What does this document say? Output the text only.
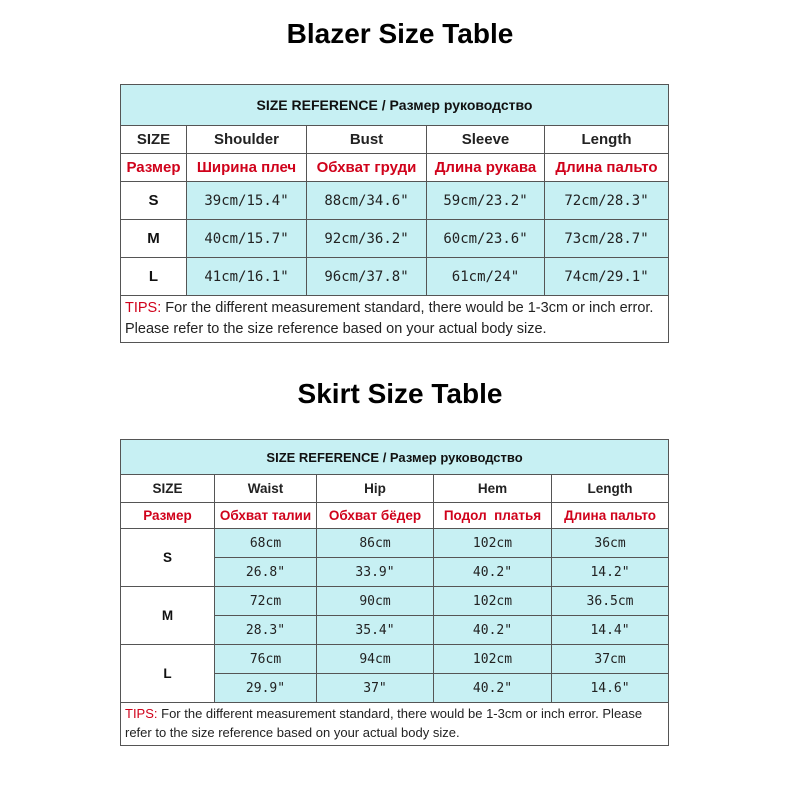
Blazer Size Table
SIZE REFERENCE / Размер руководство				
SIZE	Shoulder	Bust	Sleeve	Length
Размер	Ширина плеч	Обхват груди	Длина рукава	Длина пальто
S	39cm/15.4"	88cm/34.6"	59cm/23.2"	72cm/28.3"
M	40cm/15.7"	92cm/36.2"	60cm/23.6"	73cm/28.7"
L	41cm/16.1"	96cm/37.8"	61cm/24"	74cm/29.1"
TIPS: For the different measurement standard, there would be 1-3cm or inch error. Please refer to the size reference based on your actual body size.				
Skirt Size Table
SIZE REFERENCE / Размер руководство				
SIZE	Waist	Hip	Hem	Length
Размер	Обхват талии	Обхват бёдер	Подол  платья	Длина пальто
S	68cm	86cm	102cm	36cm
	26.8"	33.9"	40.2"	14.2"
M	72cm	90cm	102cm	36.5cm
	28.3"	35.4"	40.2"	14.4"
L	76cm	94cm	102cm	37cm
	29.9"	37"	40.2"	14.6"
TIPS: For the different measurement standard, there would be 1-3cm or inch error. Please refer to the size reference based on your actual body size.				
